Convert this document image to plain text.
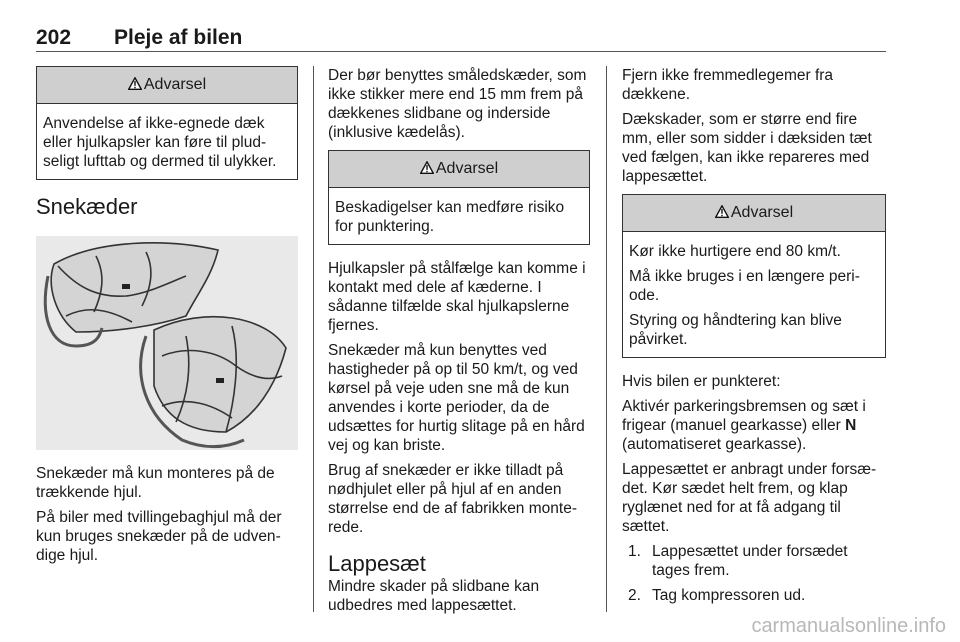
202 Pleje af bilen
Advarsel

Anvendelse af ikke-egnede dæk eller hjulkapsler kan føre til pludseligt lufttab og dermed til ulykker.

Snekæder

Snekæder må kun monteres på de trækkende hjul.

På biler med tvillingebaghjul må der kun bruges snekæder på de udvendige hjul.

Der bør benyttes småledskæder, som ikke stikker mere end 15 mm frem på dækkenes slidbane og inderside (inklusive kædelås).

Advarsel

Beskadigelser kan medføre risiko for punktering.

Hjulkapsler på stålfælge kan komme i kontakt med dele af kæderne. I sådanne tilfælde skal hjulkapslerne fjernes.

Snekæder må kun benyttes ved hastigheder på op til 50 km/t, og ved kørsel på veje uden sne må de kun anvendes i korte perioder, da de udsættes for hurtig slitage på en hård vej og kan briste.

Brug af snekæder er ikke tilladt på nødhjulet eller på hjul af en anden størrelse end de af fabrikken monterede.

Lappesæt

Mindre skader på slidbane kan udbedres med lappesættet.

Fjern ikke fremmedlegemer fra dækkene.

Dækskader, som er større end fire mm, eller som sidder i dæksiden tæt ved fælgen, kan ikke repareres med lappesættet.

Advarsel

Kør ikke hurtigere end 80 km/t.

Må ikke bruges i en længere periode.

Styring og håndtering kan blive påvirket.

Hvis bilen er punkteret:

Aktivér parkeringsbremsen og sæt i frigear (manuel gearkasse) eller N
(automatiseret gearkasse).

Lappesættet er anbragt under forsædet. Kør sædet helt frem, og klap ryglænet ned for at få adgang til sættet.

1. Lappesættet under forsædet tages frem.
2. Tag kompressoren ud.
carmanualsonline.info
